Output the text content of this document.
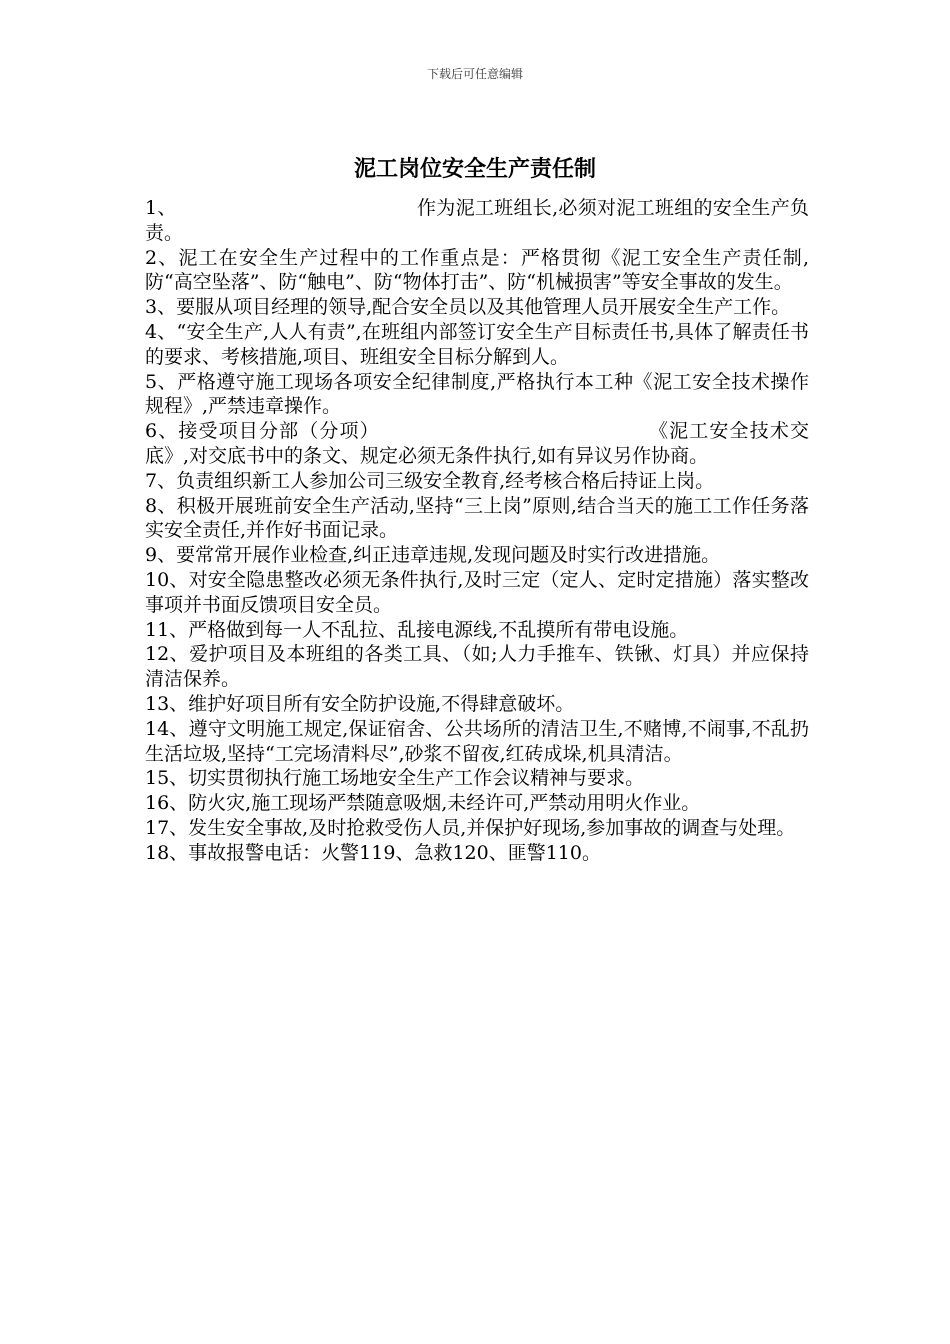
下载后可任意编辑
泥工岗位安全生产责任制
1、	作为泥工班组长,必须对泥工班组的安全生产负责。
2、泥工在安全生产过程中的工作重点是：严格贯彻《泥工安全生产责任制,防“高空坠落”、防“触电”、防“物体打击”、防“机械损害”等安全事故的发生。
3、要服从项目经理的领导,配合安全员以及其他管理人员开展安全生产工作。
4、“安全生产,人人有责”,在班组内部签订安全生产目标责任书,具体了解责任书的要求、考核措施,项目、班组安全目标分解到人。
5、严格遵守施工现场各项安全纪律制度,严格执行本工种《泥工安全技术操作规程》,严禁违章操作。
6、接受项目分部（分项）	《泥工安全技术交底》,对交底书中的条文、规定必须无条件执行,如有异议另作协商。
7、负责组织新工人参加公司三级安全教育,经考核合格后持证上岗。
8、积极开展班前安全生产活动,坚持“三上岗”原则,结合当天的施工工作任务落实安全责任,并作好书面记录。
9、要常常开展作业检查,纠正违章违规,发现问题及时实行改进措施。
10、对安全隐患整改必须无条件执行,及时三定（定人、定时定措施）落实整改事项并书面反馈项目安全员。
11、严格做到每一人不乱拉、乱接电源线,不乱摸所有带电设施。
12、爱护项目及本班组的各类工具、（如;人力手推车、铁锹、灯具）并应保持清洁保养。
13、维护好项目所有安全防护设施,不得肆意破坏。
14、遵守文明施工规定,保证宿舍、公共场所的清洁卫生,不赌博,不闹事,不乱扔生活垃圾,坚持“工完场清料尽”,砂浆不留夜,红砖成垛,机具清洁。
15、切实贯彻执行施工场地安全生产工作会议精神与要求。
16、防火灾,施工现场严禁随意吸烟,未经许可,严禁动用明火作业。
17、发生安全事故,及时抢救受伤人员,并保护好现场,参加事故的调查与处理。
18、事故报警电话：火警119、急救120、匪警110。
